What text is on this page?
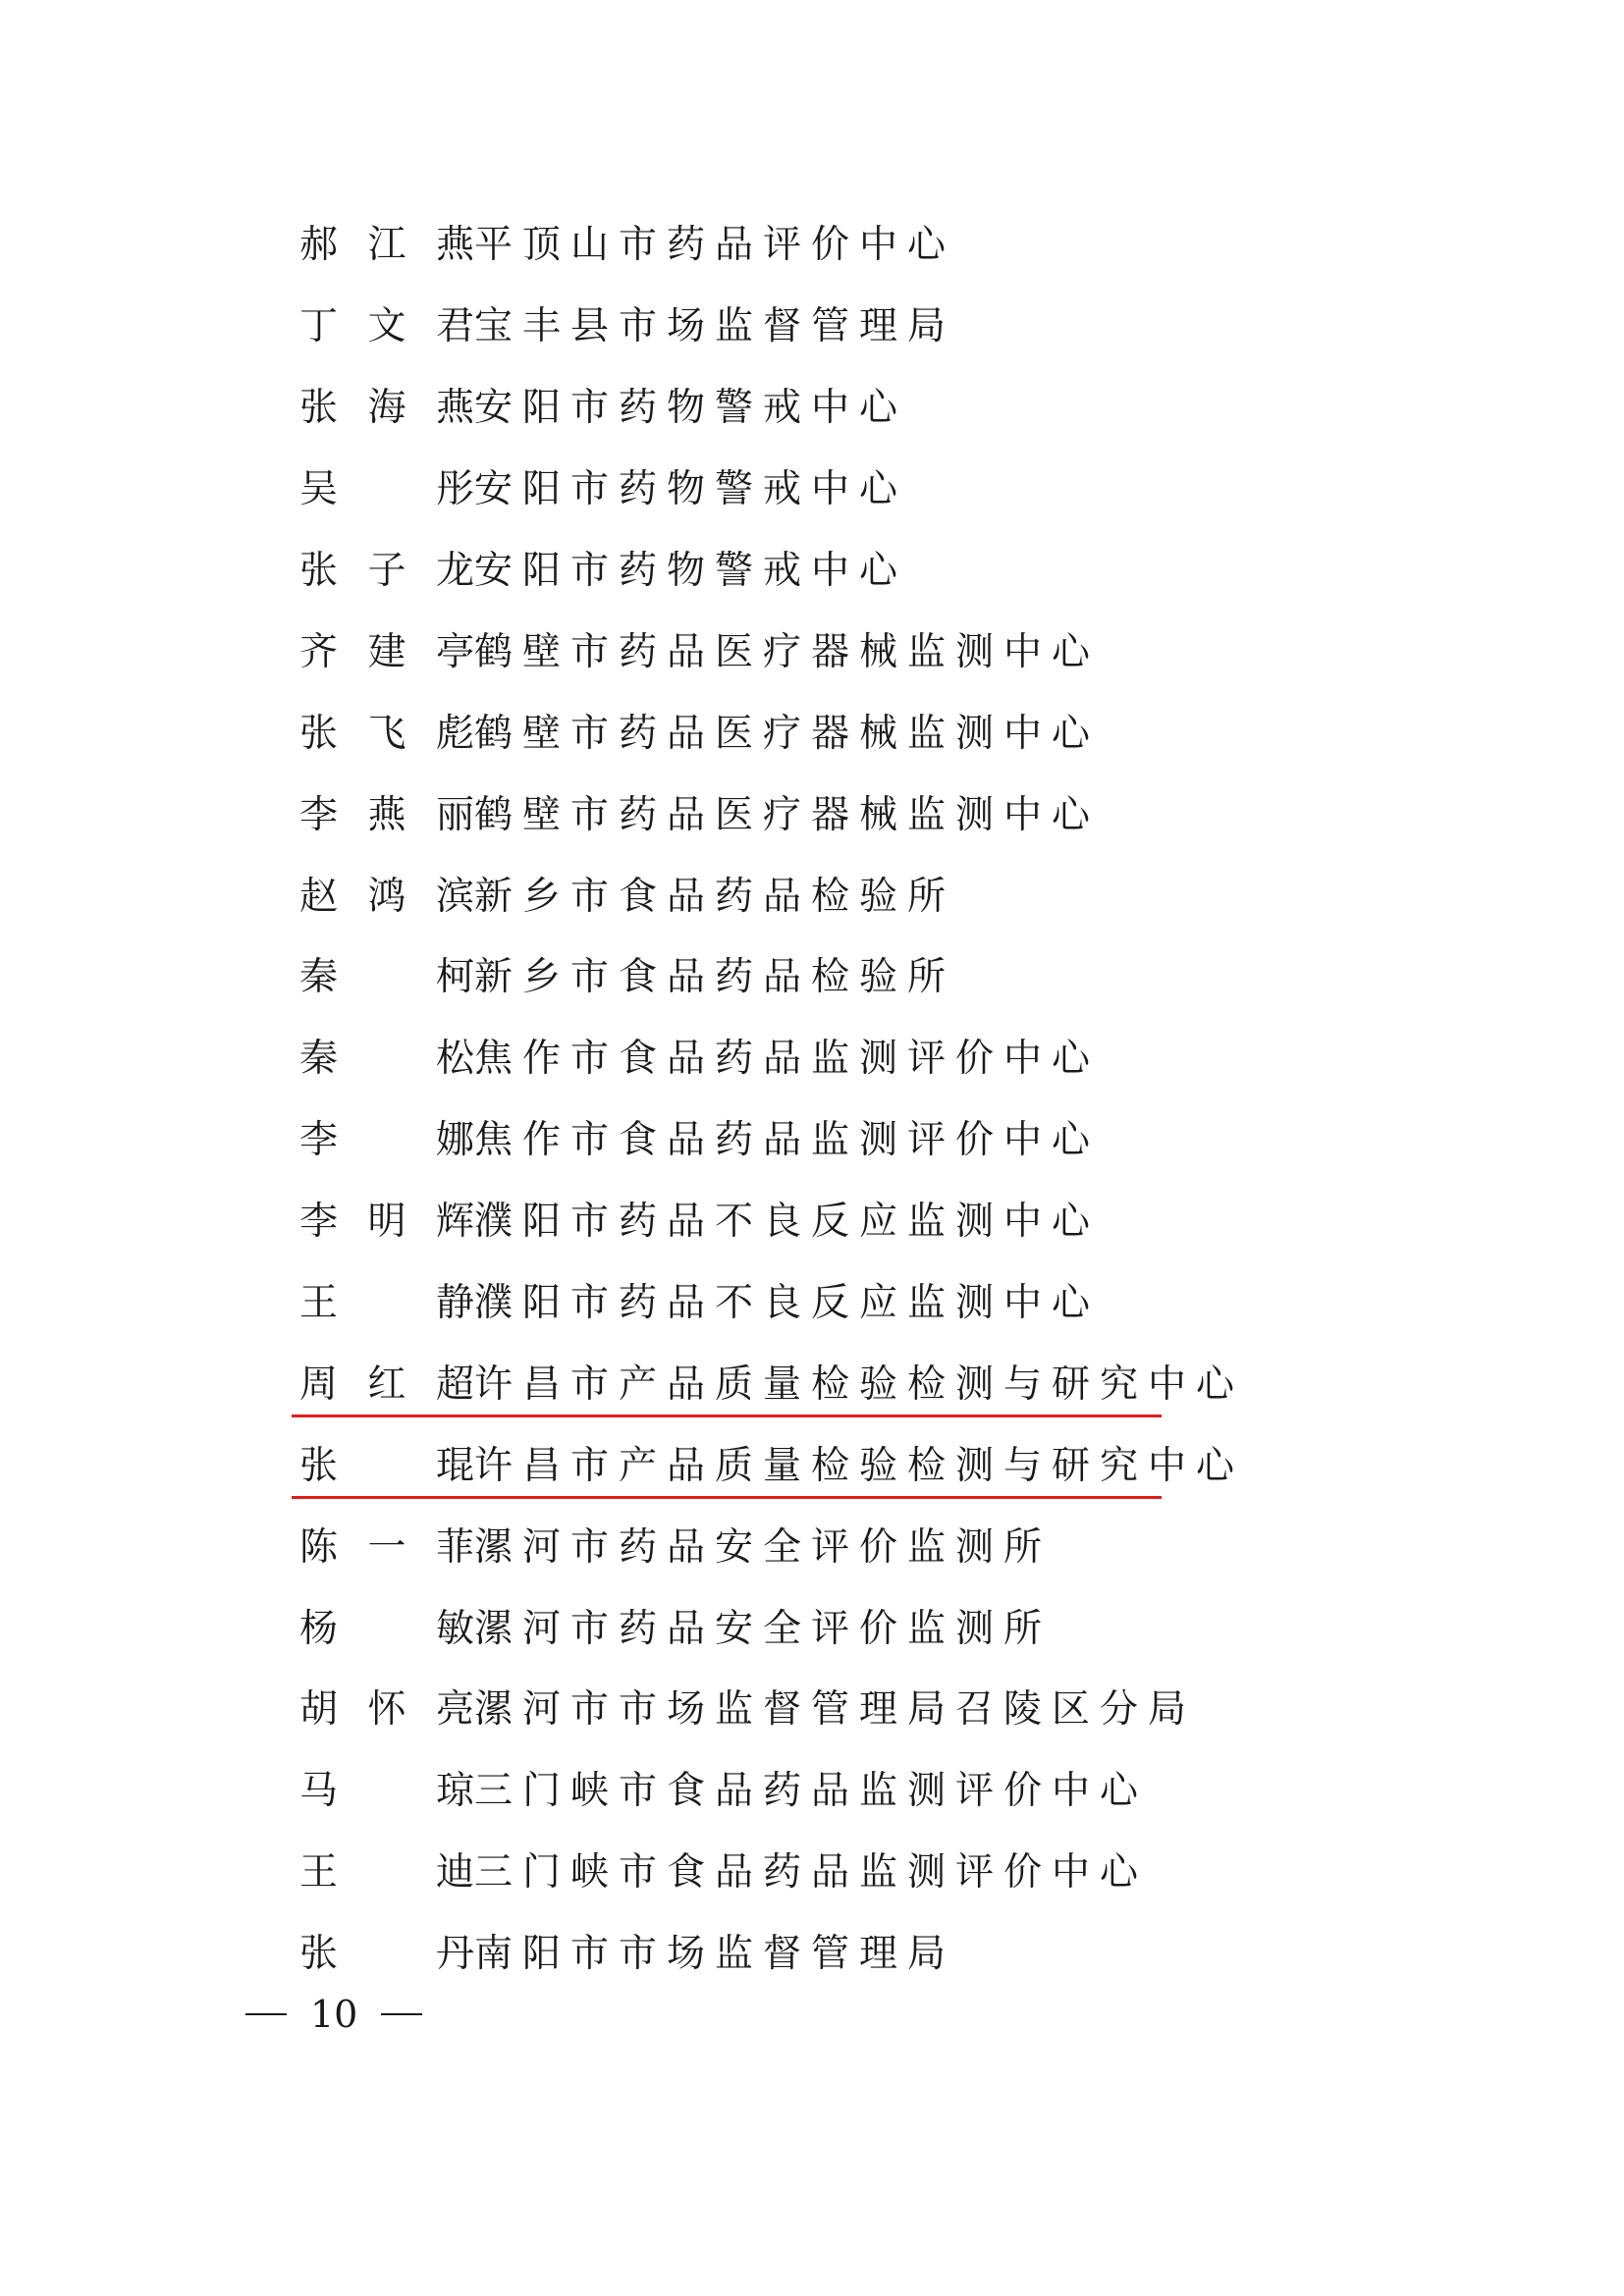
郝 江 燕 平顶山市药品评价中心
丁 文 君 宝丰县市场监督管理局
张 海 燕 安阳市药物警戒中心
吴	彤 安阳市药物警戒中心
张 子 龙 安阳市药物警戒中心
齐 建 亭 鹤壁市药品医疗器械监测中心
张 飞 彪 鹤壁市药品医疗器械监测中心
李 燕 丽 鹤壁市药品医疗器械监测中心
赵 鸿 滨 新乡市食品药品检验所
秦	柯 新乡市食品药品检验所
秦	松 焦作市食品药品监测评价中心
李	娜 焦作市食品药品监测评价中心
李 明 辉 濮阳市药品不良反应监测中心
王	静 濮阳市药品不良反应监测中心
周 红 超 许昌市产品质量检验检测与研究中心
张	琨 许昌市产品质量检验检测与研究中心
陈 一 菲 漯河市药品安全评价监测所
杨	敏 漯河市药品安全评价监测所
胡 怀 亮 漯河市市场监督管理局召陵区分局
马	琼 三门峡市食品药品监测评价中心
王	迪 三门峡市食品药品监测评价中心
张	丹 南阳市市场监督管理局
10
